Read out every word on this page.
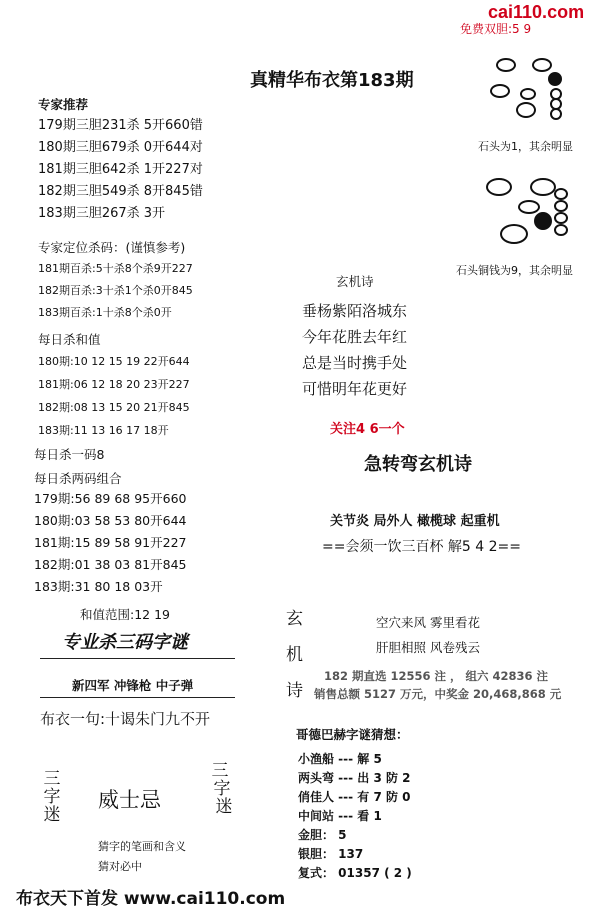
cai110.com
免费双胆:5 9
真精华布衣第183期
专家推荐
179期三胆231杀 5开660错
180期三胆679杀 0开644对
181期三胆642杀 1开227对
182期三胆549杀 8开845错
183期三胆267杀 3开
专家定位杀码：(谨慎参考)
181期百杀:5十杀8个杀9开227
182期百杀:3十杀1个杀0开845
183期百杀:1十杀8个杀0开
每日杀和值
180期:10 12 15 19 22开644
181期:06 12 18 20 23开227
182期:08 13 15 20 21开845
183期:11 13 16 17 18开
每日杀一码8
每日杀两码组合
179期:56 89 68 95开660
180期:03 58 53 80开644
181期:15 89 58 91开227
182期:01 38 03 81开845
183期:31 80 18 03开
和值范围:12 19
专业杀三码字谜
新四军 冲锋枪 中子弹
布衣一句:十谒朱门九不开
三
字
迷
威士忌
三
字
迷
猜字的笔画和含义
猜对必中
布衣天下首发 www.cai110.com
石头为1，其余明显
石头铜钱为9，其余明显
玄机诗
垂杨紫陌洛城东
今年花胜去年红
总是当时携手处
可惜明年花更好
关注4 6一个
急转弯玄机诗
关节炎 局外人 橄榄球 起重机
==会须一饮三百杯 解5 4 2==
玄
机
诗
空穴来风 雾里看花
肝胆相照 风卷残云
182 期直选 12556 注 ， 组六 42836 注
销售总额 5127 万元，中奖金 20,468,868 元
哥德巴赫字谜猜想：
小渔船 --- 解 5
两头弯 --- 出 3 防 2
俏佳人 --- 有 7 防 0
中间站 --- 看 1
金胆： 5
银胆： 137
复式： 01357 ( 2 )
